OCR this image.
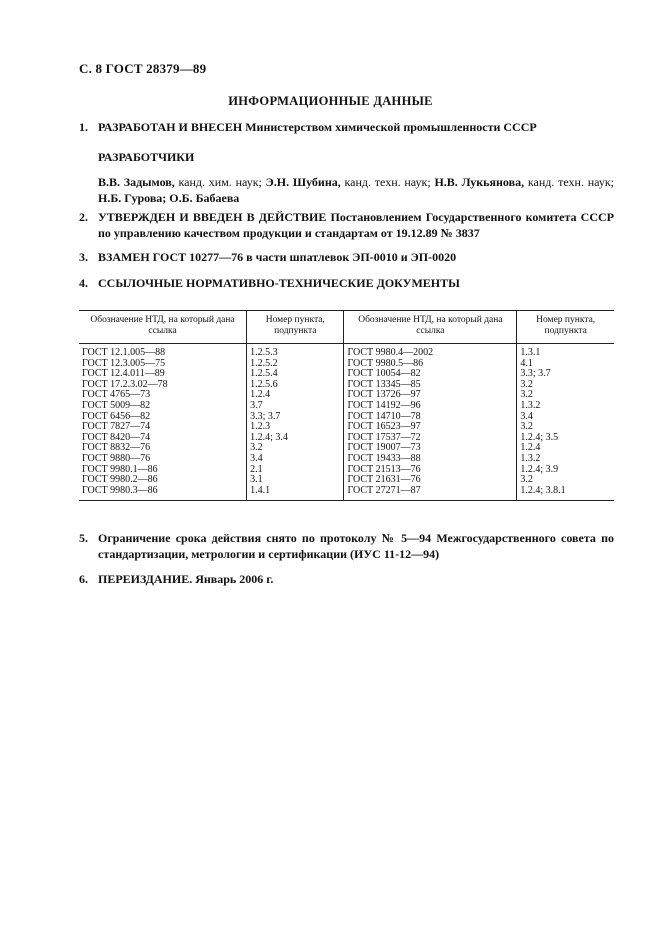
С. 8 ГОСТ 28379—89
ИНФОРМАЦИОННЫЕ ДАННЫЕ
1. РАЗРАБОТАН И ВНЕСЕН Министерством химической промышленности СССР
РАЗРАБОТЧИКИ
В.В. Задымов, канд. хим. наук; Э.Н. Шубина, канд. техн. наук; Н.В. Лукьянова, канд. техн. наук; Н.Б. Гурова; О.Б. Бабаева
2. УТВЕРЖДЕН И ВВЕДЕН В ДЕЙСТВИЕ Постановлением Государственного комитета СССР по управлению качеством продукции и стандартам от 19.12.89 № 3837
3. ВЗАМЕН ГОСТ 10277—76 в части шпатлевок ЭП-0010 и ЭП-0020
4. ССЫЛОЧНЫЕ НОРМАТИВНО-ТЕХНИЧЕСКИЕ ДОКУМЕНТЫ
Обозначение НТД, на который дана ссылка	Номер пункта, подпункта	Обозначение НТД, на который дана ссылка	Номер пункта, подпункта
ГОСТ 12.1.005—88	1.2.5.3	ГОСТ 9980.4—2002	1.3.1
ГОСТ 12.3.005—75	1.2.5.2	ГОСТ 9980.5—86	4.1
ГОСТ 12.4.011—89	1.2.5.4	ГОСТ 10054—82	3.3; 3.7
ГОСТ 17.2.3.02—78	1.2.5.6	ГОСТ 13345—85	3.2
ГОСТ 4765—73	1.2.4	ГОСТ 13726—97	3.2
ГОСТ 5009—82	3.7	ГОСТ 14192—96	1.3.2
ГОСТ 6456—82	3.3; 3.7	ГОСТ 14710—78	3.4
ГОСТ 7827—74	1.2.3	ГОСТ 16523—97	3.2
ГОСТ 8420—74	1.2.4; 3.4	ГОСТ 17537—72	1.2.4; 3.5
ГОСТ 8832—76	3.2	ГОСТ 19007—73	1.2.4
ГОСТ 9880—76	3.4	ГОСТ 19433—88	1.3.2
ГОСТ 9980.1—86	2.1	ГОСТ 21513—76	1.2.4; 3.9
ГОСТ 9980.2—86	3.1	ГОСТ 21631—76	3.2
ГОСТ 9980.3—86	1.4.1	ГОСТ 27271—87	1.2.4; 3.8.1
5. Ограничение срока действия снято по протоколу № 5—94 Межгосударственного совета по стандартизации, метрологии и сертификации (ИУС 11-12—94)
6. ПЕРЕИЗДАНИЕ. Январь 2006 г.
